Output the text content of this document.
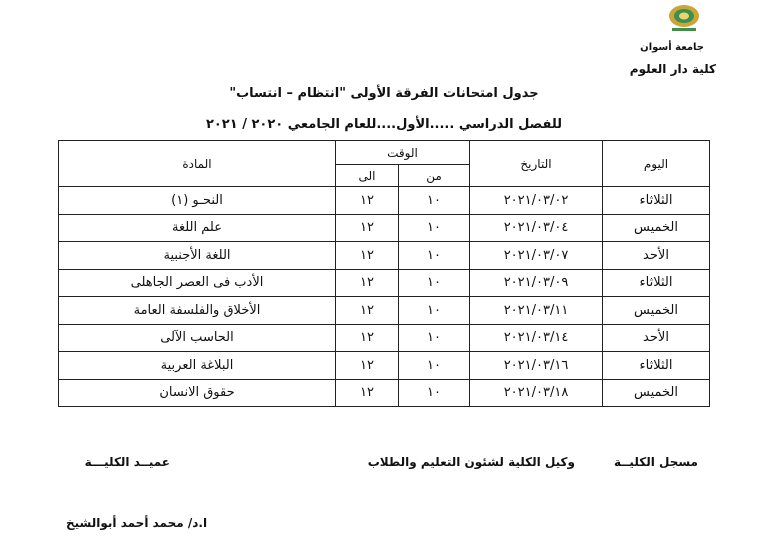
جامعة أسوان
كلية دار العلوم
جدول امتحانات الفرقة الأولى "انتظام – انتساب"
للفصل الدراسي .....الأول....للعام الجامعي ٢٠٢٠ / ٢٠٢١
اليوم	التاريخ	الوقت		المادة
		من	الى	
الثلاثاء	٢٠٢١/٠٣/٠٢	١٠	١٢	النحـو (١)
الخميس	٢٠٢١/٠٣/٠٤	١٠	١٢	علم اللغة
الأحد	٢٠٢١/٠٣/٠٧	١٠	١٢	اللغة الأجنبية
الثلاثاء	٢٠٢١/٠٣/٠٩	١٠	١٢	الأدب فى العصر الجاهلى
الخميس	٢٠٢١/٠٣/١١	١٠	١٢	الأخلاق والفلسفة العامة
الأحد	٢٠٢١/٠٣/١٤	١٠	١٢	الحاسب الآلى
الثلاثاء	٢٠٢١/٠٣/١٦	١٠	١٢	البلاغة العربية
الخميس	٢٠٢١/٠٣/١٨	١٠	١٢	حقوق الانسان
مسجل الكليــة
وكيل الكلية لشئون التعليم والطلاب
عميــد الكليـــة
ا.د/ محمد أحمد أبوالشيخ
